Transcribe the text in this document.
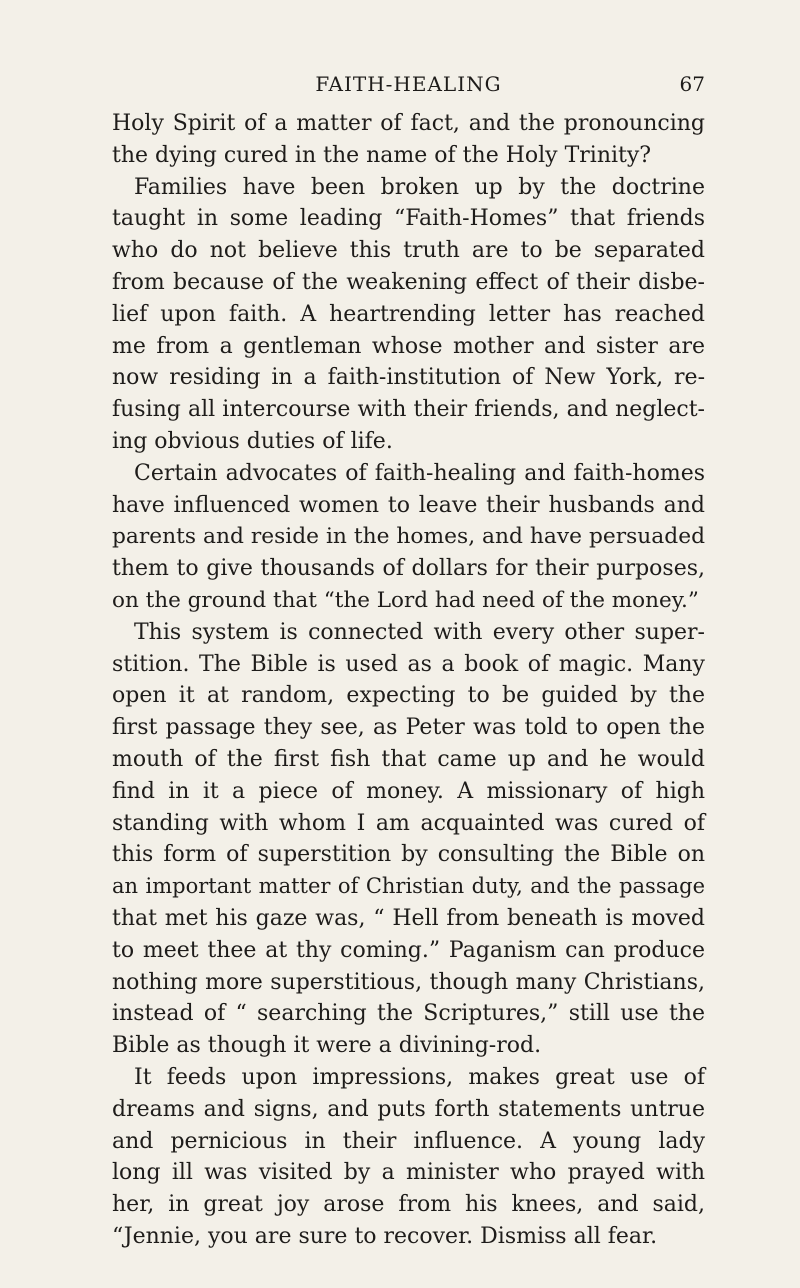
FAITH-HEALING	67
Holy Spirit of a matter of fact, and the pronouncing
the dying cured in the name of the Holy Trinity?
Families have been broken up by the doctrine
taught in some leading “Faith-Homes” that friends
who do not believe this truth are to be separated
from because of the weakening effect of their disbe-
lief upon faith. A heartrending letter has reached
me from a gentleman whose mother and sister are
now residing in a faith-institution of New York, re-
fusing all intercourse with their friends, and neglect-
ing obvious duties of life.
Certain advocates of faith-healing and faith-homes
have influenced women to leave their husbands and
parents and reside in the homes, and have persuaded
them to give thousands of dollars for their purposes,
on the ground that “the Lord had need of the money.”
This system is connected with every other super-
stition. The Bible is used as a book of magic. Many
open it at random, expecting to be guided by the
first passage they see, as Peter was told to open the
mouth of the first fish that came up and he would
find in it a piece of money. A missionary of high
standing with whom I am acquainted was cured of
this form of superstition by consulting the Bible on
an important matter of Christian duty, and the passage
that met his gaze was, “ Hell from beneath is moved
to meet thee at thy coming.” Paganism can produce
nothing more superstitious, though many Christians,
instead of “ searching the Scriptures,” still use the
Bible as though it were a divining-rod.
It feeds upon impressions, makes great use of
dreams and signs, and puts forth statements untrue
and pernicious in their influence. A young lady
long ill was visited by a minister who prayed with
her, in great joy arose from his knees, and said,
“Jennie, you are sure to recover. Dismiss all fear.
